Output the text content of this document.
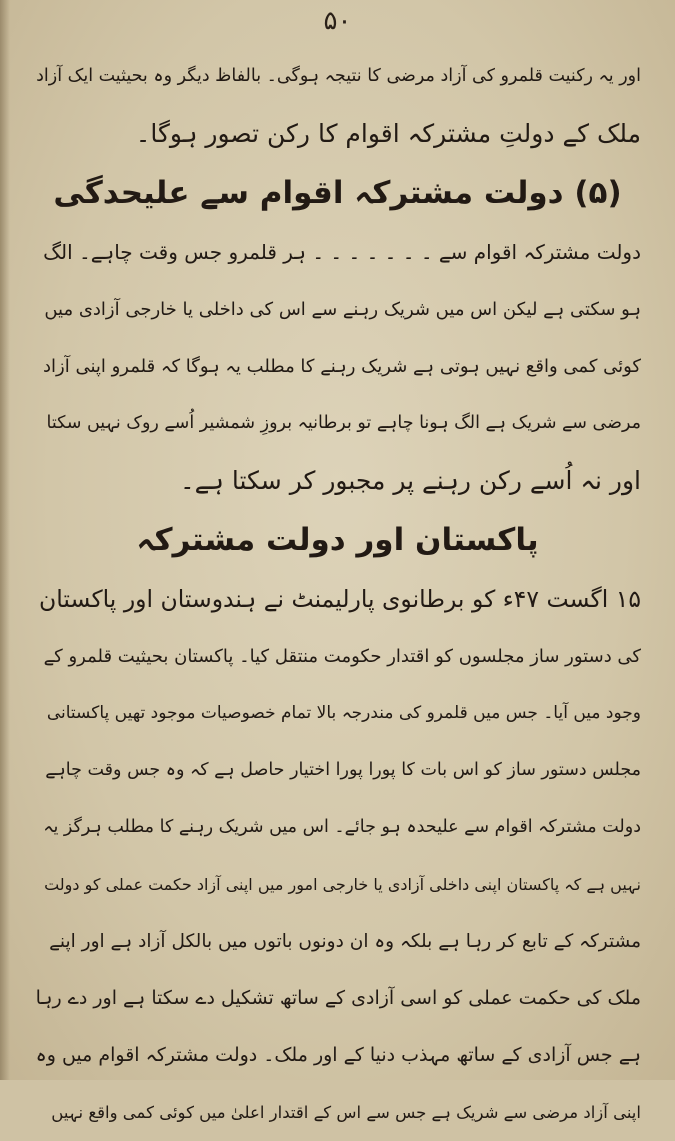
۵۰
اور یہ رکنیت قلمرو کی آزاد مرضی کا نتیجہ ہوگی۔ بالفاظ دیگر وہ بحیثیت ایک آزاد
ملک کے دولتِ مشترکہ اقوام کا رکن تصور ہوگا۔
(۵) دولت مشترکہ اقوام سے علیحدگی
دولت مشترکہ اقوام سے ۔ ۔ ۔ ۔ ۔ ۔ ۔ ہر قلمرو جس وقت چاہے۔ الگ
ہو سکتی ہے لیکن اس میں شریک رہنے سے اس کی داخلی یا خارجی آزادی میں
کوئی کمی واقع نہیں ہوتی ہے شریک رہنے کا مطلب یہ ہوگا کہ قلمرو اپنی آزاد
مرضی سے شریک ہے الگ ہونا چاہے تو برطانیہ بروزِ شمشیر اُسے روک نہیں سکتا
اور نہ اُسے رکن رہنے پر مجبور کر سکتا ہے۔
پاکستان اور دولت مشترکہ
۱۵ اگست ۴۷ء کو برطانوی پارلیمنٹ نے ہندوستان اور پاکستان
کی دستور ساز مجلسوں کو اقتدار حکومت منتقل کیا۔ پاکستان بحیثیت قلمرو کے
وجود میں آیا۔ جس میں قلمرو کی مندرجہ بالا تمام خصوصیات موجود تھیں پاکستانی
مجلس دستور ساز کو اس بات کا پورا پورا اختیار حاصل ہے کہ وہ جس وقت چاہے
دولت مشترکہ اقوام سے علیحدہ ہو جائے۔ اس میں شریک رہنے کا مطلب ہرگز یہ
نہیں ہے کہ پاکستان اپنی داخلی آزادی یا خارجی امور میں اپنی آزاد حکمت عملی کو دولت
مشترکہ کے تابع کر رہا ہے بلکہ وہ ان دونوں باتوں میں بالکل آزاد ہے اور اپنے
ملک کی حکمت عملی کو اسی آزادی کے ساتھ تشکیل دے سکتا ہے اور دے رہا
ہے جس آزادی کے ساتھ مہذب دنیا کے اور ملک۔ دولت مشترکہ اقوام میں وہ
اپنی آزاد مرضی سے شریک ہے جس سے اس کے اقتدار اعلیٰ میں کوئی کمی واقع نہیں
